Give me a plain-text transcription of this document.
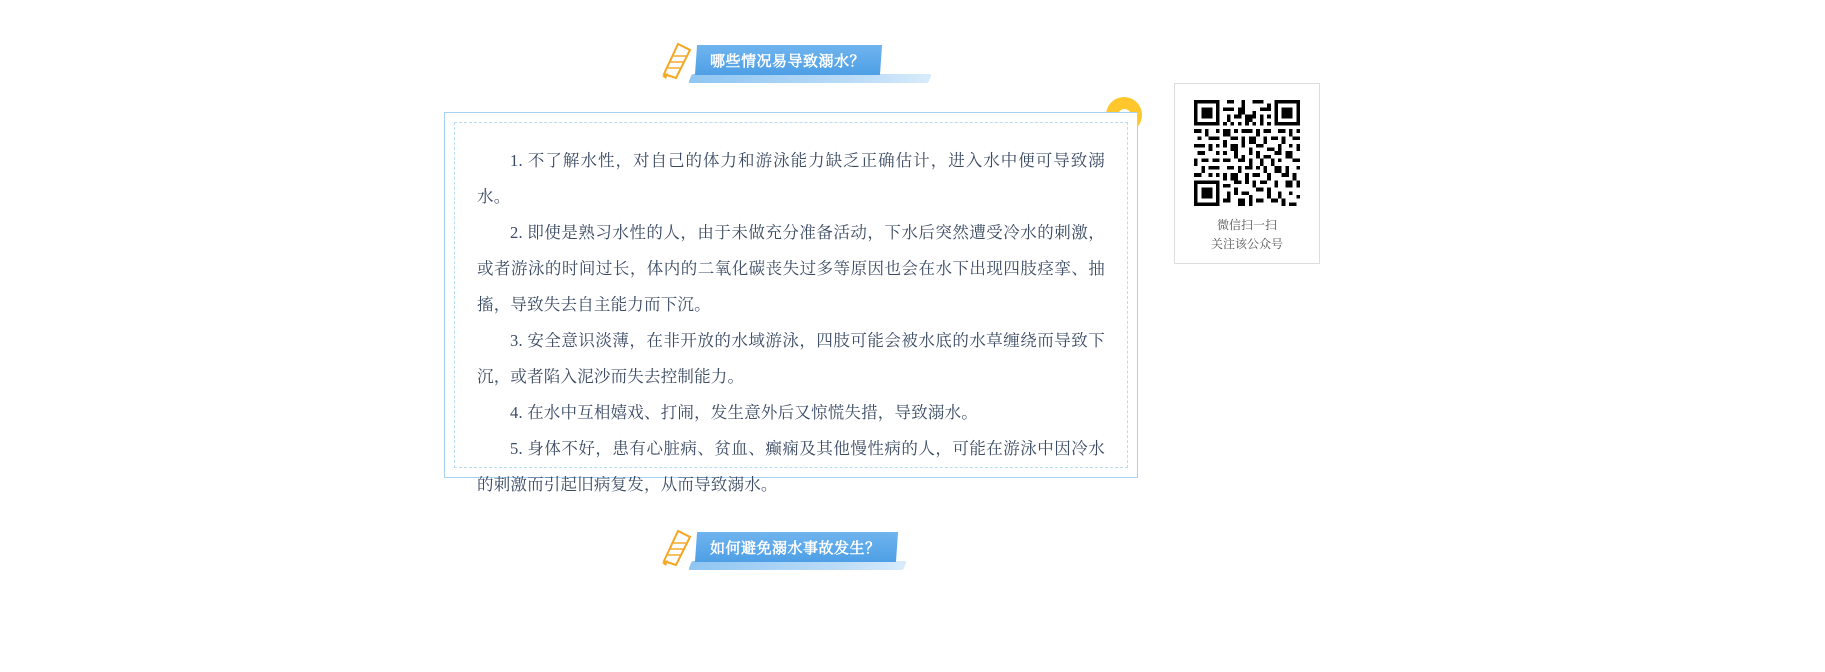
哪些情况易导致溺水？

1. 不了解水性，对自己的体力和游泳能力缺乏正确估计，进入水中便可导致溺水。

2. 即使是熟习水性的人，由于未做充分准备活动，下水后突然遭受冷水的刺激，或者游泳的时间过长，体内的二氧化碳丧失过多等原因也会在水下出现四肢痉挛、抽搐，导致失去自主能力而下沉。

3. 安全意识淡薄，在非开放的水域游泳，四肢可能会被水底的水草缠绕而导致下沉，或者陷入泥沙而失去控制能力。

4. 在水中互相嬉戏、打闹，发生意外后又惊慌失措，导致溺水。

5. 身体不好，患有心脏病、贫血、癫痫及其他慢性病的人，可能在游泳中因冷水的刺激而引起旧病复发，从而导致溺水。

微信扫一扫
关注该公众号
如何避免溺水事故发生？
